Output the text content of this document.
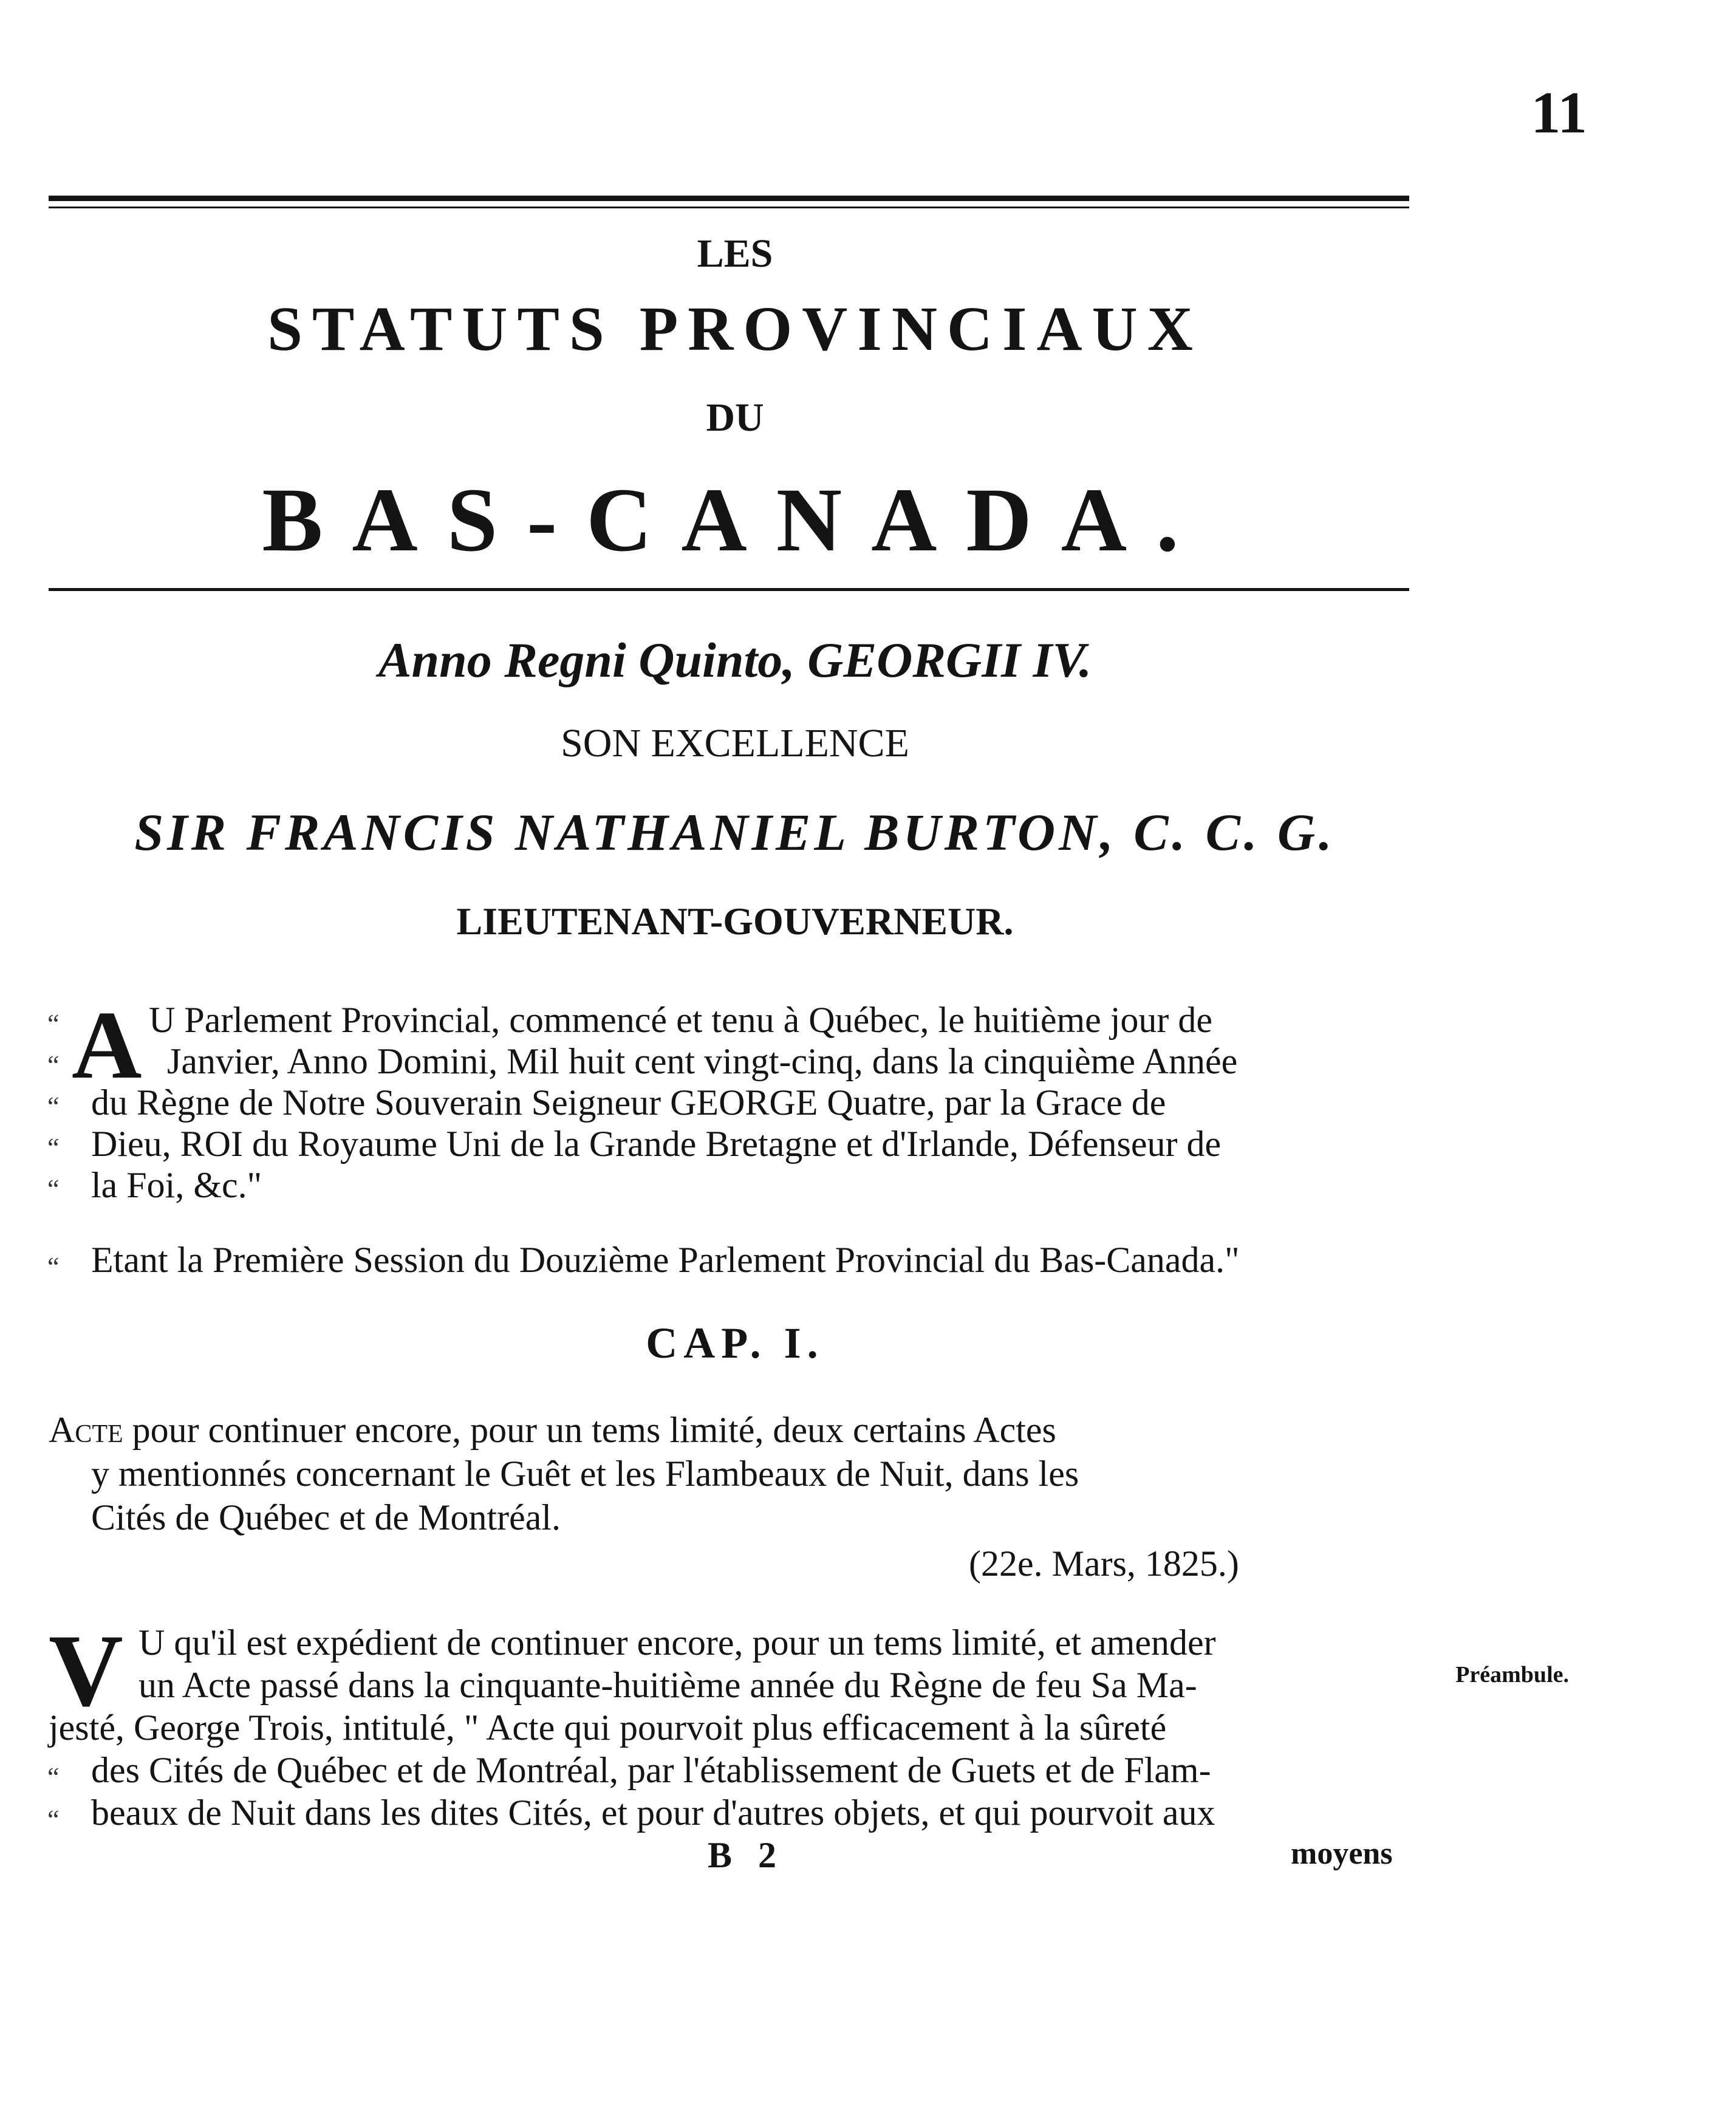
11
LES
STATUTS PROVINCIAUX
DU
BAS-CANADA.
Anno Regni Quinto, GEORGII IV.
SON EXCELLENCE
SIR FRANCIS NATHANIEL BURTON, C. C. G.
LIEUTENANT-GOUVERNEUR.
A
“
“
“
“
“
U Parlement Provincial, commencé et tenu à Québec, le huitième jour de
Janvier, Anno Domini, Mil huit cent vingt-cinq, dans la cinquième Année
du Règne de Notre Souverain Seigneur GEORGE Quatre, par la Grace de
Dieu, ROI du Royaume Uni de la Grande Bretagne et d'Irlande, Défenseur de
la Foi, &c."
“ Etant la Première Session du Douzième Parlement Provincial du Bas-Canada."
CAP. I.
Acte pour continuer encore, pour un tems limité, deux certains Actes
y mentionnés concernant le Guêt et les Flambeaux de Nuit, dans les
Cités de Québec et de Montréal.
(22e. Mars, 1825.)
V U qu'il est expédient de continuer encore, pour un tems limité, et amender
un Acte passé dans la cinquante-huitième année du Règne de feu Sa Ma-
jesté, George Trois, intitulé, " Acte qui pourvoit plus efficacement à la sûreté
“ des Cités de Québec et de Montréal, par l'établissement de Guets et de Flam-
“ beaux de Nuit dans les dites Cités, et pour d'autres objets, et qui pourvoit aux
Préambule.
B 2	moyens
